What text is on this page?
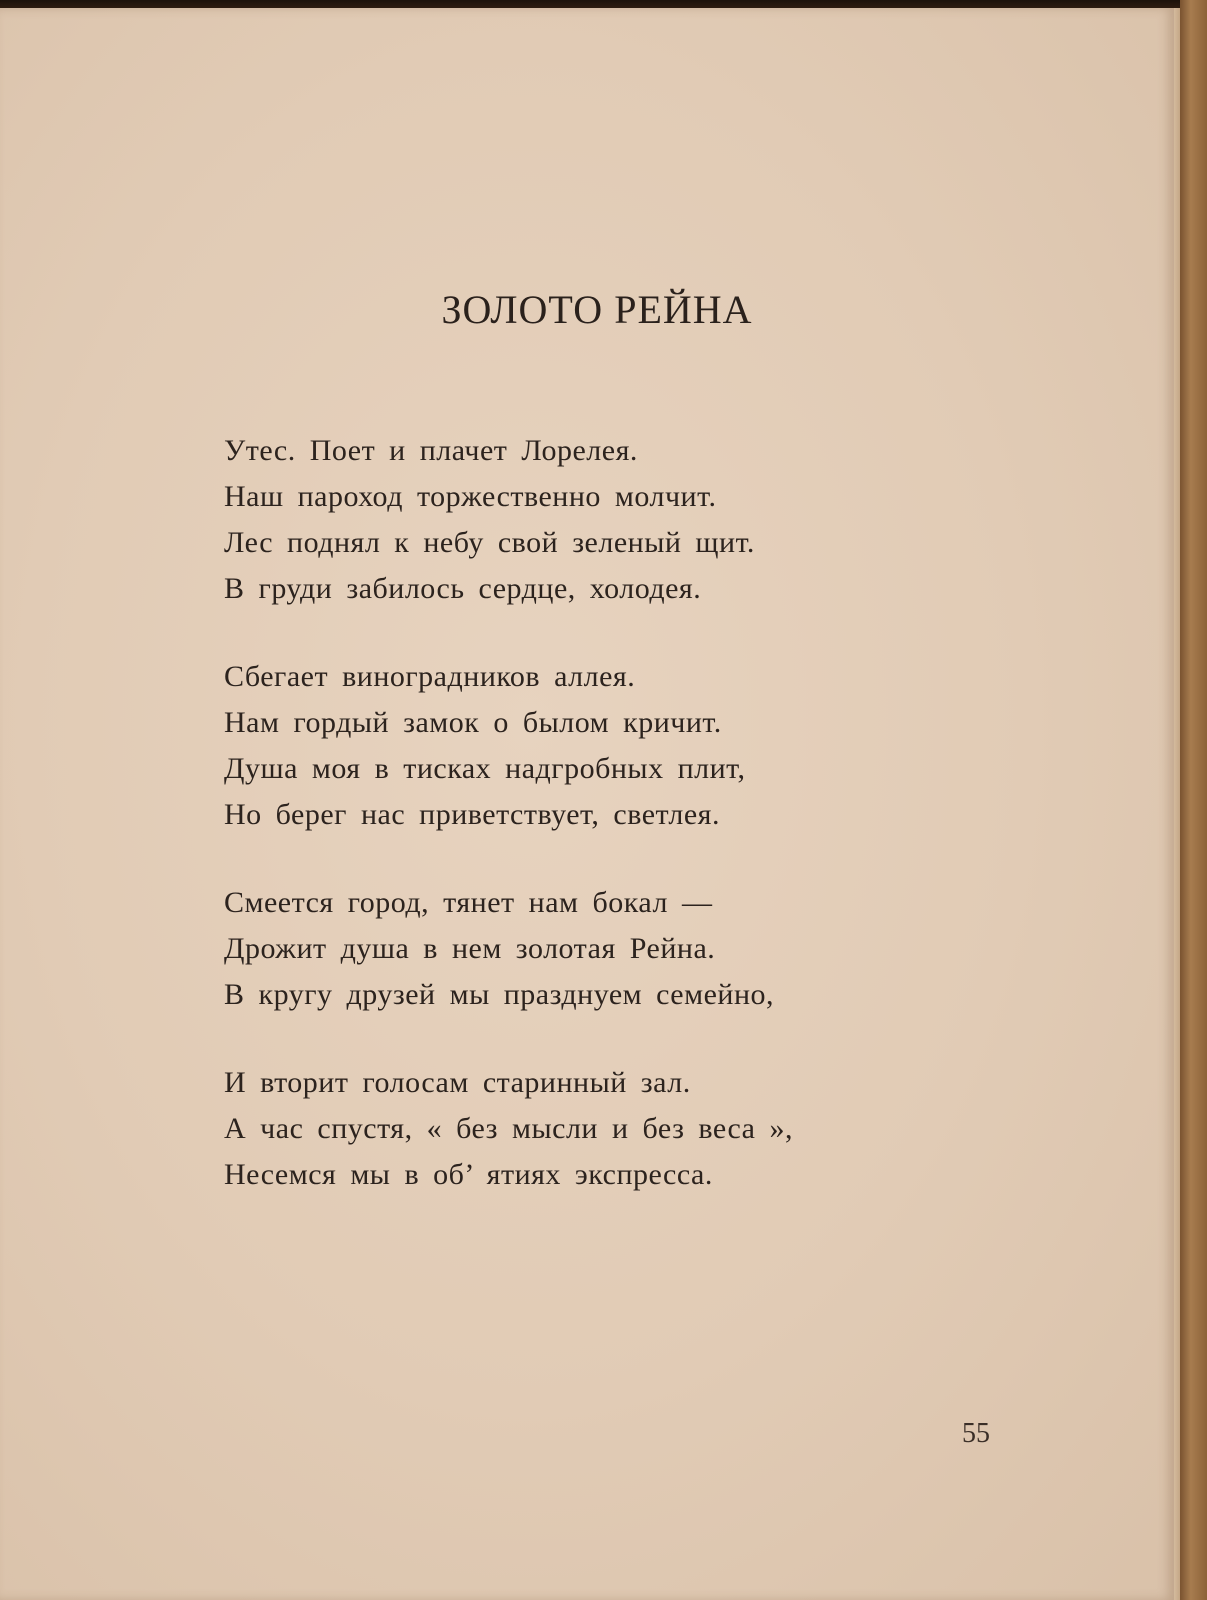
ЗОЛОТО РЕЙНА
Утес. Поет и плачет Лорелея.
Наш пароход торжественно молчит.
Лес поднял к небу свой зеленый щит.
В груди забилось сердце, холодея.
Сбегает виноградников аллея.
Нам гордый замок о былом кричит.
Душа моя в тисках надгробных плит,
Но берег нас приветствует, светлея.
Смеется город, тянет нам бокал —
Дрожит душа в нем золотая Рейна.
В кругу друзей мы празднуем семейно,
И вторит голосам старинный зал.
А час спустя, « без мысли и без веса »,
Несемся мы в об’ ятиях экспресса.
55
